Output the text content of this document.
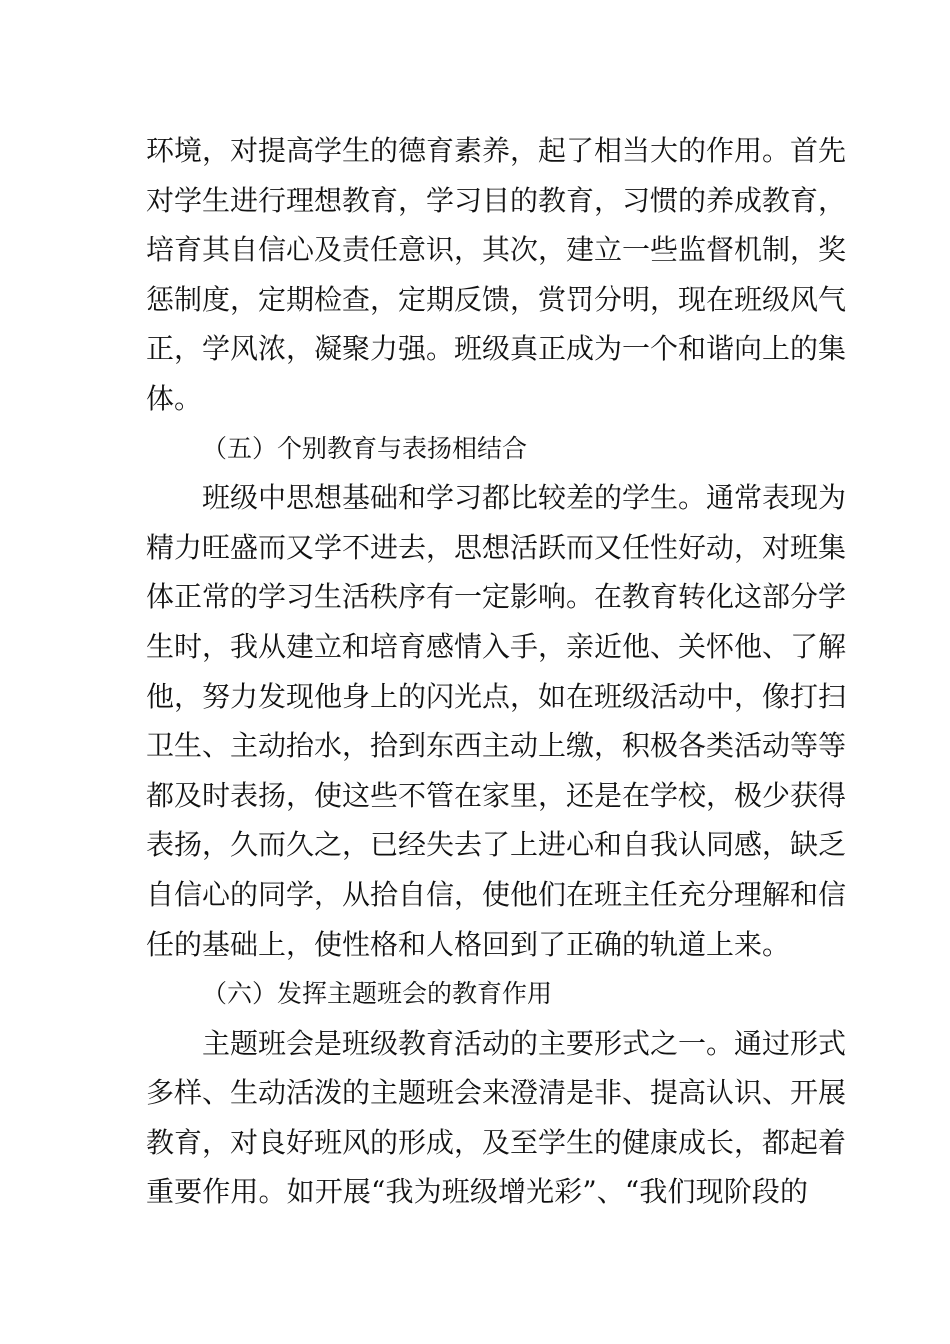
环境，对提高学生的德育素养，起了相当大的作用。首先
对学生进行理想教育，学习目的教育，习惯的养成教育，
培育其自信心及责任意识，其次，建立一些监督机制，奖
惩制度，定期检查，定期反馈，赏罚分明，现在班级风气
正，学风浓，凝聚力强。班级真正成为一个和谐向上的集
体。
（五）个别教育与表扬相结合
班级中思想基础和学习都比较差的学生。通常表现为
精力旺盛而又学不进去，思想活跃而又任性好动，对班集
体正常的学习生活秩序有一定影响。在教育转化这部分学
生时，我从建立和培育感情入手，亲近他、关怀他、了解
他，努力发现他身上的闪光点，如在班级活动中，像打扫
卫生、主动抬水，拾到东西主动上缴，积极各类活动等等
都及时表扬，使这些不管在家里，还是在学校，极少获得
表扬，久而久之，已经失去了上进心和自我认同感，缺乏
自信心的同学，从拾自信，使他们在班主任充分理解和信
任的基础上，使性格和人格回到了正确的轨道上来。
（六）发挥主题班会的教育作用
主题班会是班级教育活动的主要形式之一。通过形式
多样、生动活泼的主题班会来澄清是非、提高认识、开展
教育，对良好班风的形成，及至学生的健康成长，都起着
重要作用。如开展“我为班级增光彩”、“我们现阶段的
